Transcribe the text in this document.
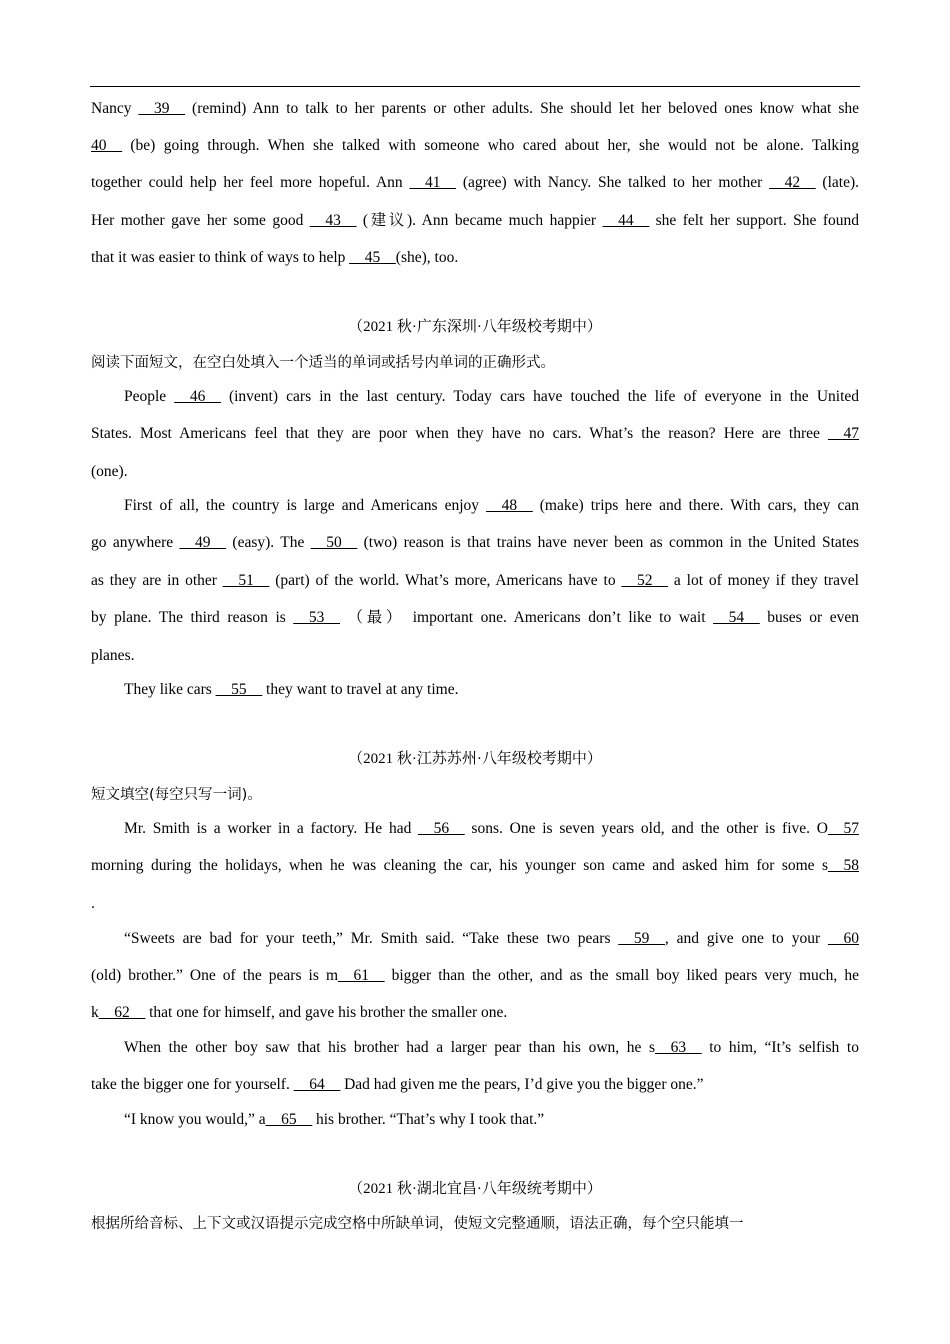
Nancy __39__ (remind) Ann to talk to her parents or other adults. She should let her beloved ones know what she
40__ (be) going through. When she talked with someone who cared about her, she would not be alone. Talking
together could help her feel more hopeful. Ann __41__ (agree) with Nancy. She talked to her mother __42__ (late).
Her mother gave her some good __43__ (建议). Ann became much happier __44__ she felt her support. She found
that it was easier to think of ways to help __45__(she), too.
（2021 秋·广东深圳·八年级校考期中）
阅读下面短文，在空白处填入一个适当的单词或括号内单词的正确形式。
People __46__ (invent) cars in the last century. Today cars have touched the life of everyone in the United
States. Most Americans feel that they are poor when they have no cars. What’s the reason? Here are three __47
(one).
First of all, the country is large and Americans enjoy __48__ (make) trips here and there. With cars, they can
go anywhere __49__ (easy). The __50__ (two) reason is that trains have never been as common in the United States
as they are in other __51__ (part) of the world. What’s more, Americans have to __52__ a lot of money if they travel
by plane. The third reason is __53__ （最） important one. Americans don’t like to wait __54__ buses or even
planes.
They like cars __55__ they want to travel at any time.
（2021 秋·江苏苏州·八年级校考期中）
短文填空(每空只写一词)。
Mr. Smith is a worker in a factory. He had __56__ sons. One is seven years old, and the other is five. O__57
morning during the holidays, when he was cleaning the car, his younger son came and asked him for some s__58
.
“Sweets are bad for your teeth,” Mr. Smith said. “Take these two pears __59__, and give one to your __60
(old) brother.” One of the pears is m__61__ bigger than the other, and as the small boy liked pears very much, he
k__62__ that one for himself, and gave his brother the smaller one.
When the other boy saw that his brother had a larger pear than his own, he s__63__ to him, “It’s selfish to
take the bigger one for yourself. __64__ Dad had given me the pears, I’d give you the bigger one.”
“I know you would,” a__65__ his brother. “That’s why I took that.”
（2021 秋·湖北宜昌·八年级统考期中）
根据所给音标、上下文或汉语提示完成空格中所缺单词，使短文完整通顺，语法正确，每个空只能填一
